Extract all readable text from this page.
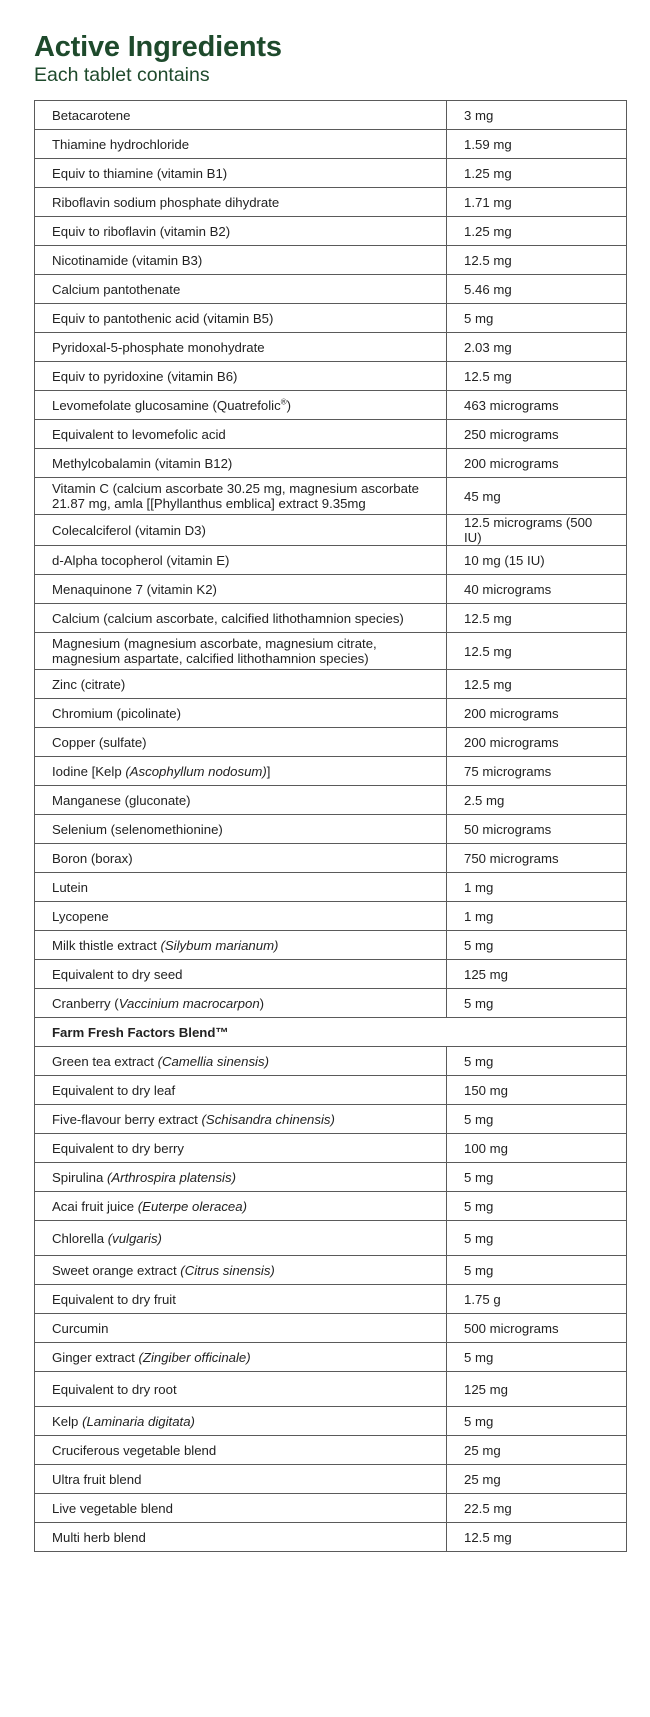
Active Ingredients
Each tablet contains
Betacarotene	3 mg
Thiamine hydrochloride	1.59 mg
Equiv to thiamine (vitamin B1)	1.25 mg
Riboflavin sodium phosphate dihydrate	1.71 mg
Equiv to riboflavin (vitamin B2)	1.25 mg
Nicotinamide (vitamin B3)	12.5 mg
Calcium pantothenate	5.46 mg
Equiv to pantothenic acid (vitamin B5)	5 mg
Pyridoxal-5-phosphate monohydrate	2.03 mg
Equiv to pyridoxine (vitamin B6)	12.5 mg
Levomefolate glucosamine (Quatrefolic®)	463 micrograms
Equivalent to levomefolic acid	250 micrograms
Methylcobalamin (vitamin B12)	200 micrograms
Vitamin C (calcium ascorbate 30.25 mg, magnesium ascorbate 21.87 mg, amla [[Phyllanthus emblica] extract 9.35mg	45 mg
Colecalciferol (vitamin D3)	12.5 micrograms (500 IU)
d-Alpha tocopherol (vitamin E)	10 mg (15 IU)
Menaquinone 7 (vitamin K2)	40 micrograms
Calcium (calcium ascorbate, calcified lithothamnion species)	12.5 mg
Magnesium (magnesium ascorbate, magnesium citrate, magnesium aspartate, calcified lithothamnion species)	12.5 mg
Zinc (citrate)	12.5 mg
Chromium (picolinate)	200 micrograms
Copper (sulfate)	200 micrograms
Iodine [Kelp (Ascophyllum nodosum)]	75 micrograms
Manganese (gluconate)	2.5 mg
Selenium (selenomethionine)	50 micrograms
Boron (borax)	750 micrograms
Lutein	1 mg
Lycopene	1 mg
Milk thistle extract (Silybum marianum)	5 mg
Equivalent to dry seed	125 mg
Cranberry (Vaccinium macrocarpon)	5 mg
Farm Fresh Factors Blend™	
Green tea extract (Camellia sinensis)	5 mg
Equivalent to dry leaf	150 mg
Five-flavour berry extract (Schisandra chinensis)	5 mg
Equivalent to dry berry	100 mg
Spirulina (Arthrospira platensis)	5 mg
Acai fruit juice (Euterpe oleracea)	5 mg
Chlorella (vulgaris)	5 mg
Sweet orange extract (Citrus sinensis)	5 mg
Equivalent to dry fruit	1.75 g
Curcumin	500 micrograms
Ginger extract (Zingiber officinale)	5 mg
Equivalent to dry root	125 mg
Kelp (Laminaria digitata)	5 mg
Cruciferous vegetable blend	25 mg
Ultra fruit blend	25 mg
Live vegetable blend	22.5 mg
Multi herb blend	12.5 mg
